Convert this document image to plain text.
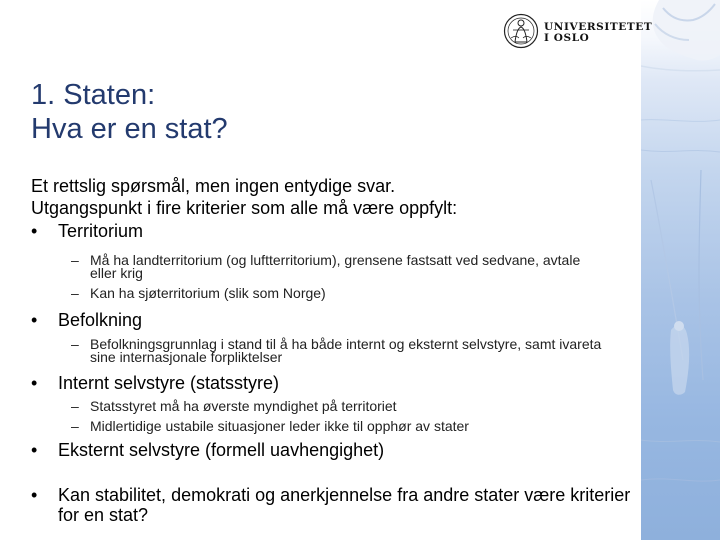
UNIVERSITETET
I OSLO
1. Staten:
Hva er en stat?
Et rettslig spørsmål, men ingen entydige svar.
Utgangspunkt i fire kriterier som alle må være oppfylt:
• Territorium
– Må ha landterritorium (og luftterritorium), grensene fastsatt ved sedvane, avtale eller krig
– Kan ha sjøterritorium (slik som Norge)
• Befolkning
– Befolkningsgrunnlag i stand til å ha både internt og eksternt selvstyre, samt ivareta sine internasjonale forpliktelser
• Internt selvstyre (statsstyre)
– Statsstyret må ha øverste myndighet på territoriet
– Midlertidige ustabile situasjoner leder ikke til opphør av stater
• Eksternt selvstyre (formell uavhengighet)
• Kan stabilitet, demokrati og anerkjennelse fra andre stater være kriterier for en stat?
